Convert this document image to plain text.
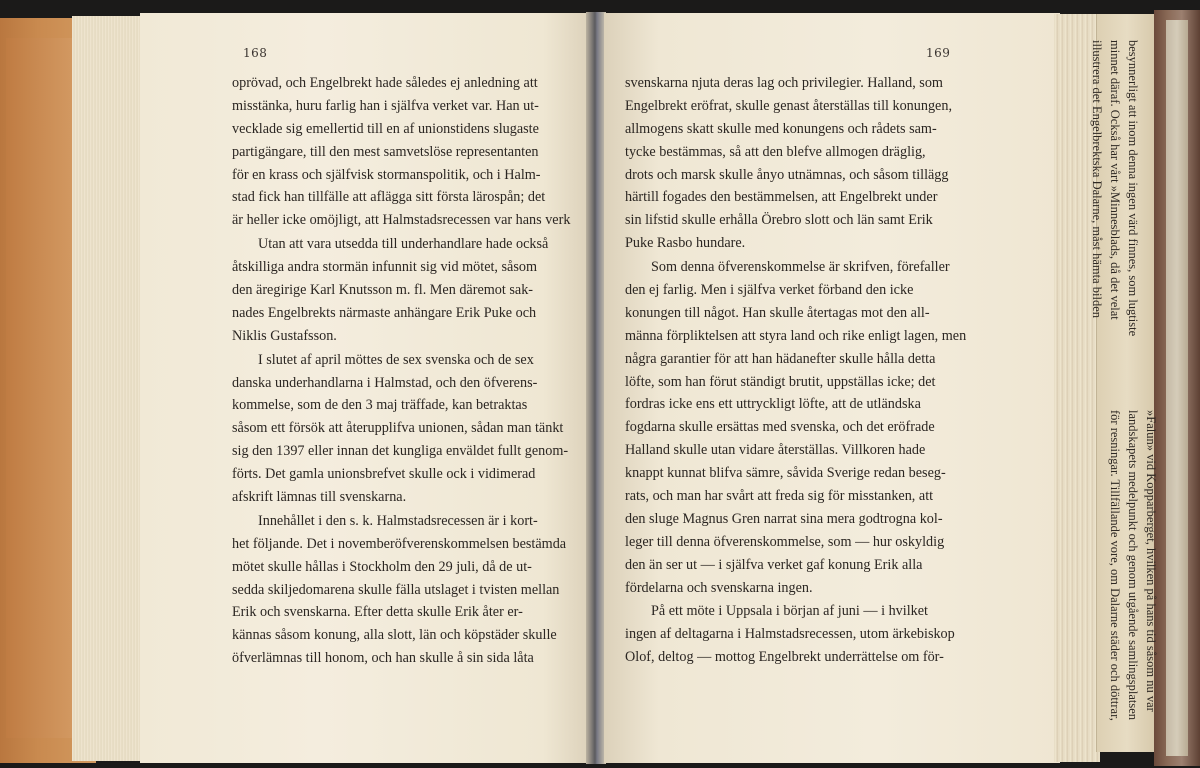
168	169
oprövad, och Engelbrekt hade således ej anledning att
misstänka, huru farlig han i själfva verket var. Han ut-
vecklade sig emellertid till en af unionstidens slugaste
partigängare, till den mest samvetslöse representanten
för en krass och själfvisk stormanspolitik, och i Halm-
stad fick han tillfälle att aflägga sitt första lärospån; det
är heller icke omöjligt, att Halmstadsrecessen var hans verk
Utan att vara utsedda till underhandlare hade också
åtskilliga andra stormän infunnit sig vid mötet, såsom
den äregirige Karl Knutsson m. fl. Men däremot sak-
nades Engelbrekts närmaste anhängare Erik Puke och
Niklis Gustafsson.
I slutet af april möttes de sex svenska och de sex
danska underhandlarna i Halmstad, och den öfverens-
kommelse, som de den 3 maj träffade, kan betraktas
såsom ett försök att återupplifva unionen, sådan man tänkt
sig den 1397 eller innan det kungliga enväldet fullt genom-
förts. Det gamla unionsbrefvet skulle ock i vidimerad
afskrift lämnas till svenskarna.
Innehållet i den s. k. Halmstadsrecessen är i kort-
het följande. Det i novemberöfverenskommelsen bestämda
mötet skulle hållas i Stockholm den 29 juli, då de ut-
sedda skiljedomarena skulle fälla utslaget i tvisten mellan
Erik och svenskarna. Efter detta skulle Erik åter er-
kännas såsom konung, alla slott, län och köpstäder skulle
öfverlämnas till honom, och han skulle å sin sida låta
svenskarna njuta deras lag och privilegier. Halland, som
Engelbrekt eröfrat, skulle genast återställas till konungen,
allmogens skatt skulle med konungens och rådets sam-
tycke bestämmas, så att den blefve allmogen dräglig,
drots och marsk skulle ånyo utnämnas, och såsom tillägg
härtill fogades den bestämmelsen, att Engelbrekt under
sin lifstid skulle erhålla Örebro slott och län samt Erik
Puke Rasbo hundare.
Som denna öfverenskommelse är skrifven, förefaller
den ej farlig. Men i själfva verket förband den icke
konungen till något. Han skulle återtagas mot den all-
männa förpliktelsen att styra land och rike enligt lagen, men
några garantier för att han hädanefter skulle hålla detta
löfte, som han förut ständigt brutit, uppställas icke; det
fordras icke ens ett uttryckligt löfte, att de utländska
fogdarna skulle ersättas med svenska, och det eröfrade
Halland skulle utan vidare återställas. Villkoren hade
knappt kunnat blifva sämre, såvida Sverige redan beseg-
rats, och man har svårt att freda sig för misstanken, att
den sluge Magnus Gren narrat sina mera godtrogna kol-
leger till denna öfverenskommelse, som — hur oskyldig
den än ser ut — i själfva verket gaf konung Erik alla
fördelarna och svenskarna ingen.
På ett möte i Uppsala i början af juni — i hvilket
ingen af deltagarna i Halmstadsrecessen, utom ärkebiskop
Olof, deltog — mottog Engelbrekt underrättelse om för-
besynnerligt att inom denna ingen värd finnes, som lugtiste
minnet däraf. Också har vårt »Minnesblads, då det velat
illustrera det Engelbrektska Dalarne, måst hämta bilden
»Falun» vid Kopparberget, hvilken på hans tid såsom nu var
landskapets medelpunkt och genom utgående samlingsplatsen
för resningar. Tillfällande vore, om Dalarne städer och döttrar,
